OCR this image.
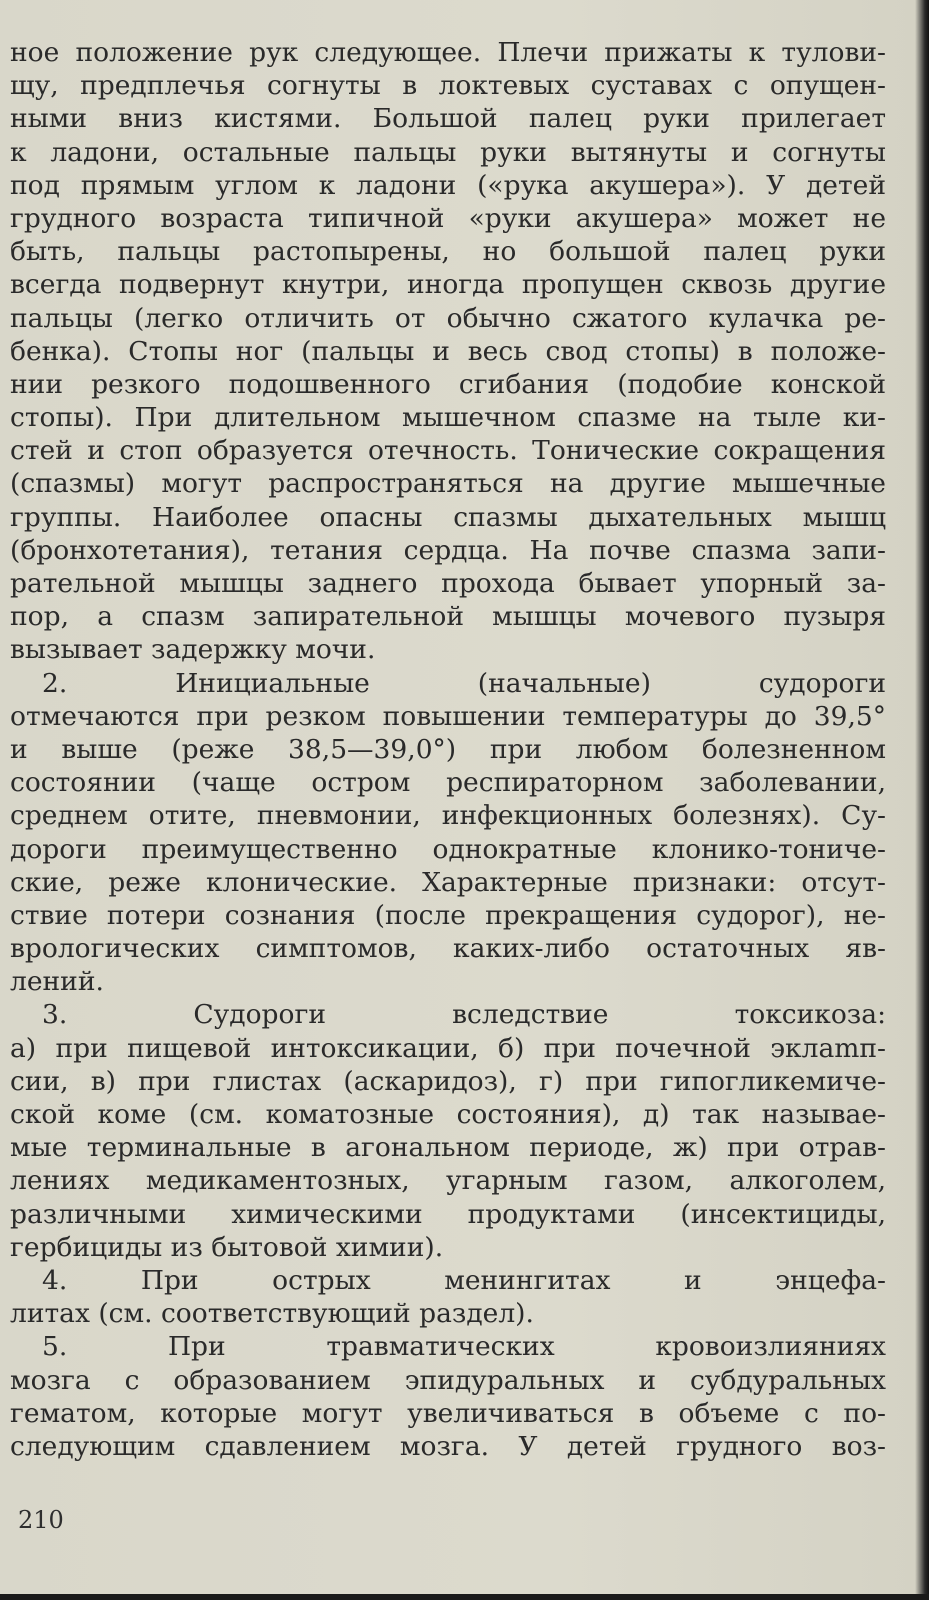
ное положение рук следующее. Плечи прижаты к тулови-
щу, предплечья согнуты в локтевых суставах с опущен-
ными вниз кистями. Большой палец руки прилегает
к ладони, остальные пальцы руки вытянуты и согнуты
под прямым углом к ладони («рука акушера»). У детей
грудного возраста типичной «руки акушера» может не
быть, пальцы растопырены, но большой палец руки
всегда подвернут кнутри, иногда пропущен сквозь другие
пальцы (легко отличить от обычно сжатого кулачка ре-
бенка). Стопы ног (пальцы и весь свод стопы) в положе-
нии резкого подошвенного сгибания (подобие конской
стопы). При длительном мышечном спазме на тыле ки-
стей и стоп образуется отечность. Тонические сокращения
(спазмы) могут распространяться на другие мышечные
группы. Наиболее опасны спазмы дыхательных мышц
(бронхотетания), тетания сердца. На почве спазма запи-
рательной мышцы заднего прохода бывает упорный за-
пор, а спазм запирательной мышцы мочевого пузыря
вызывает задержку мочи.
2. Инициальные (начальные) судороги
отмечаются при резком повышении температуры до 39,5°
и выше (реже 38,5—39,0°) при любом болезненном
состоянии (чаще остром респираторном заболевании,
среднем отите, пневмонии, инфекционных болезнях). Су-
дороги преимущественно однократные клонико-тониче-
ские, реже клонические. Характерные признаки: отсут-
ствие потери сознания (после прекращения судорог), не-
врологических симптомов, каких-либо остаточных яв-
лений.
3. Судороги вследствие токсикоза:
а) при пищевой интоксикации, б) при почечной эклamп-
сии, в) при глистах (аскаридоз), г) при гипогликемиче-
ской коме (см. коматозные состояния), д) так называе-
мые терминальные в агональном периоде, ж) при отрав-
лениях медикаментозных, угарным газом, алкоголем,
различными химическими продуктами (инсектициды,
гербициды из бытовой химии).
4. При острых менингитах и энцефа-
литах (см. соответствующий раздел).
5. При травматических кровоизлияниях
мозга с образованием эпидуральных и субдуральных
гематом, которые могут увеличиваться в объеме с по-
следующим сдавлением мозга. У детей грудного воз-
210
